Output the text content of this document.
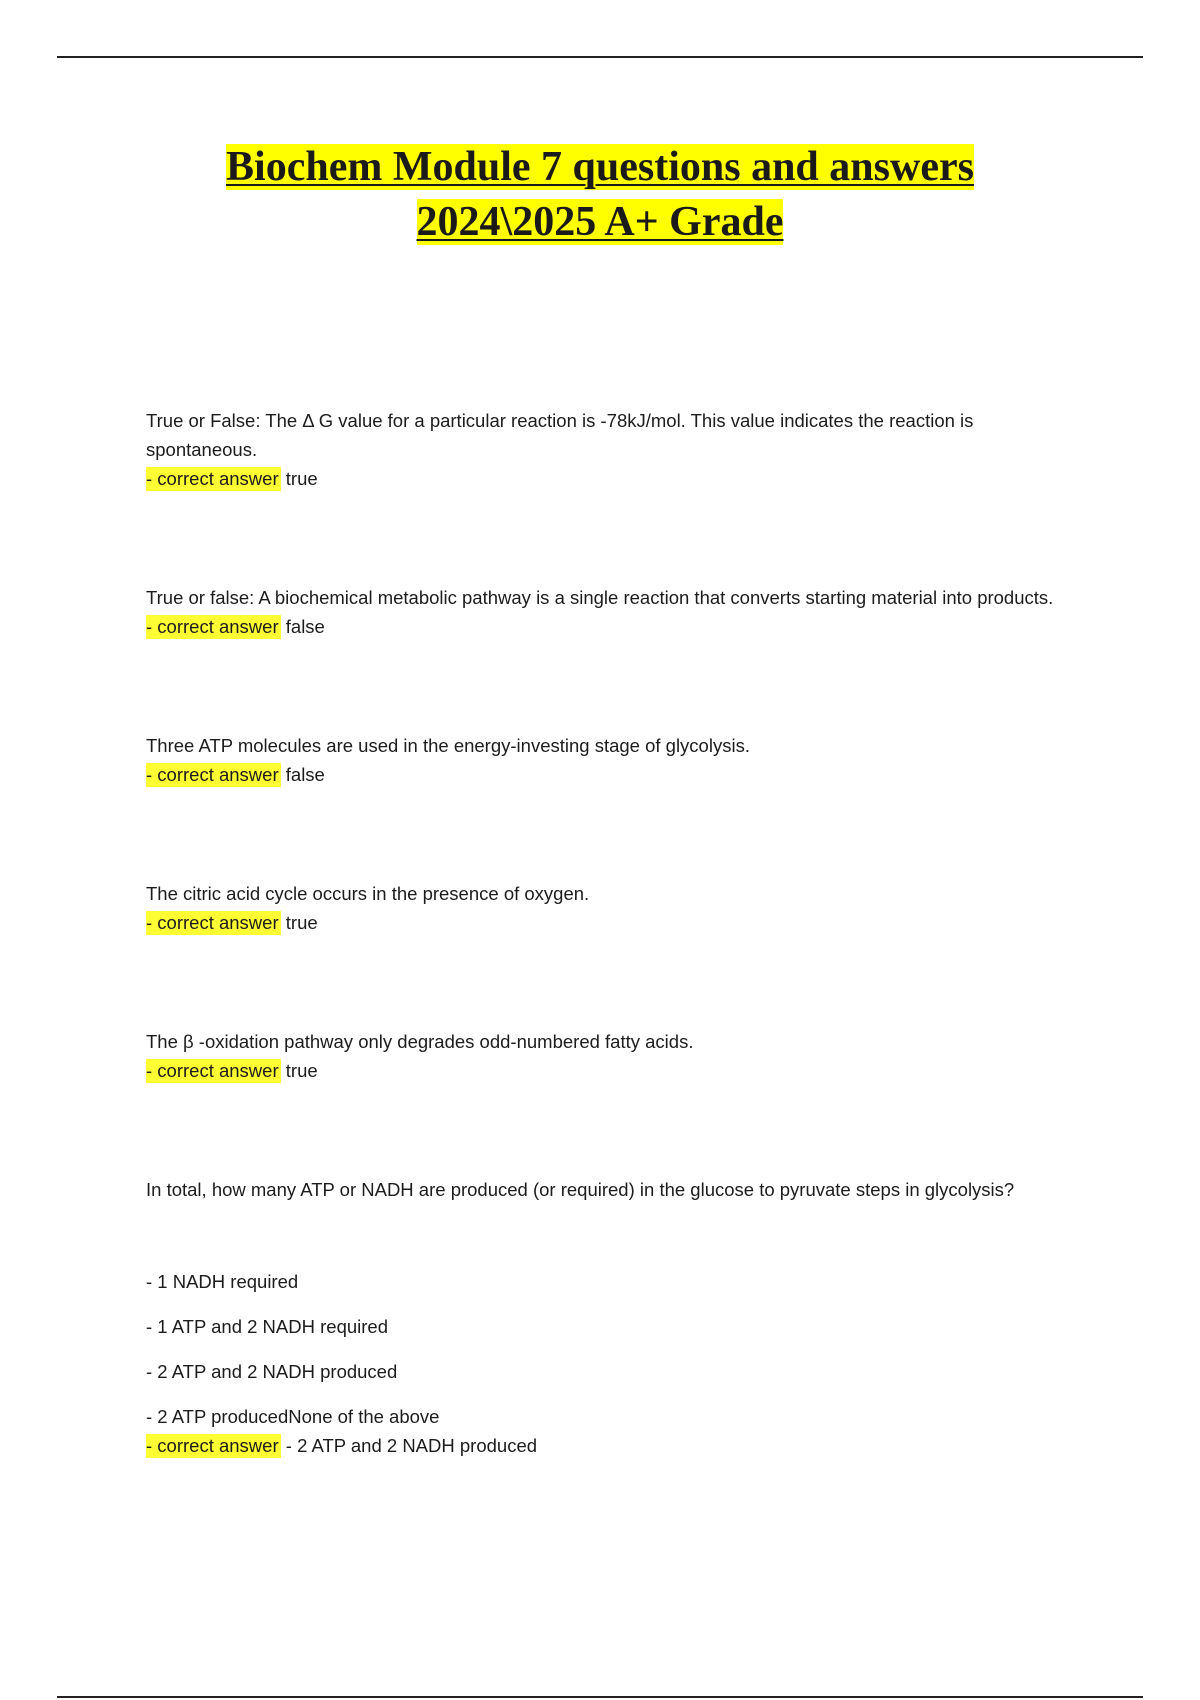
Biochem Module 7 questions and answers
2024\2025 A+ Grade

True or False: The Δ G value for a particular reaction is -78kJ/mol. This value indicates the reaction is spontaneous.

- correct answer true

True or false: A biochemical metabolic pathway is a single reaction that converts starting material into products.

- correct answer false

Three ATP molecules are used in the energy-investing stage of glycolysis.

- correct answer false

The citric acid cycle occurs in the presence of oxygen.

- correct answer true

The β -oxidation pathway only degrades odd-numbered fatty acids.

- correct answer true

In total, how many ATP or NADH are produced (or required) in the glucose to pyruvate steps in glycolysis?

- 1 NADH required

- 1 ATP and 2 NADH required

- 2 ATP and 2 NADH produced

- 2 ATP producedNone of the above

- correct answer - 2 ATP and 2 NADH produced
